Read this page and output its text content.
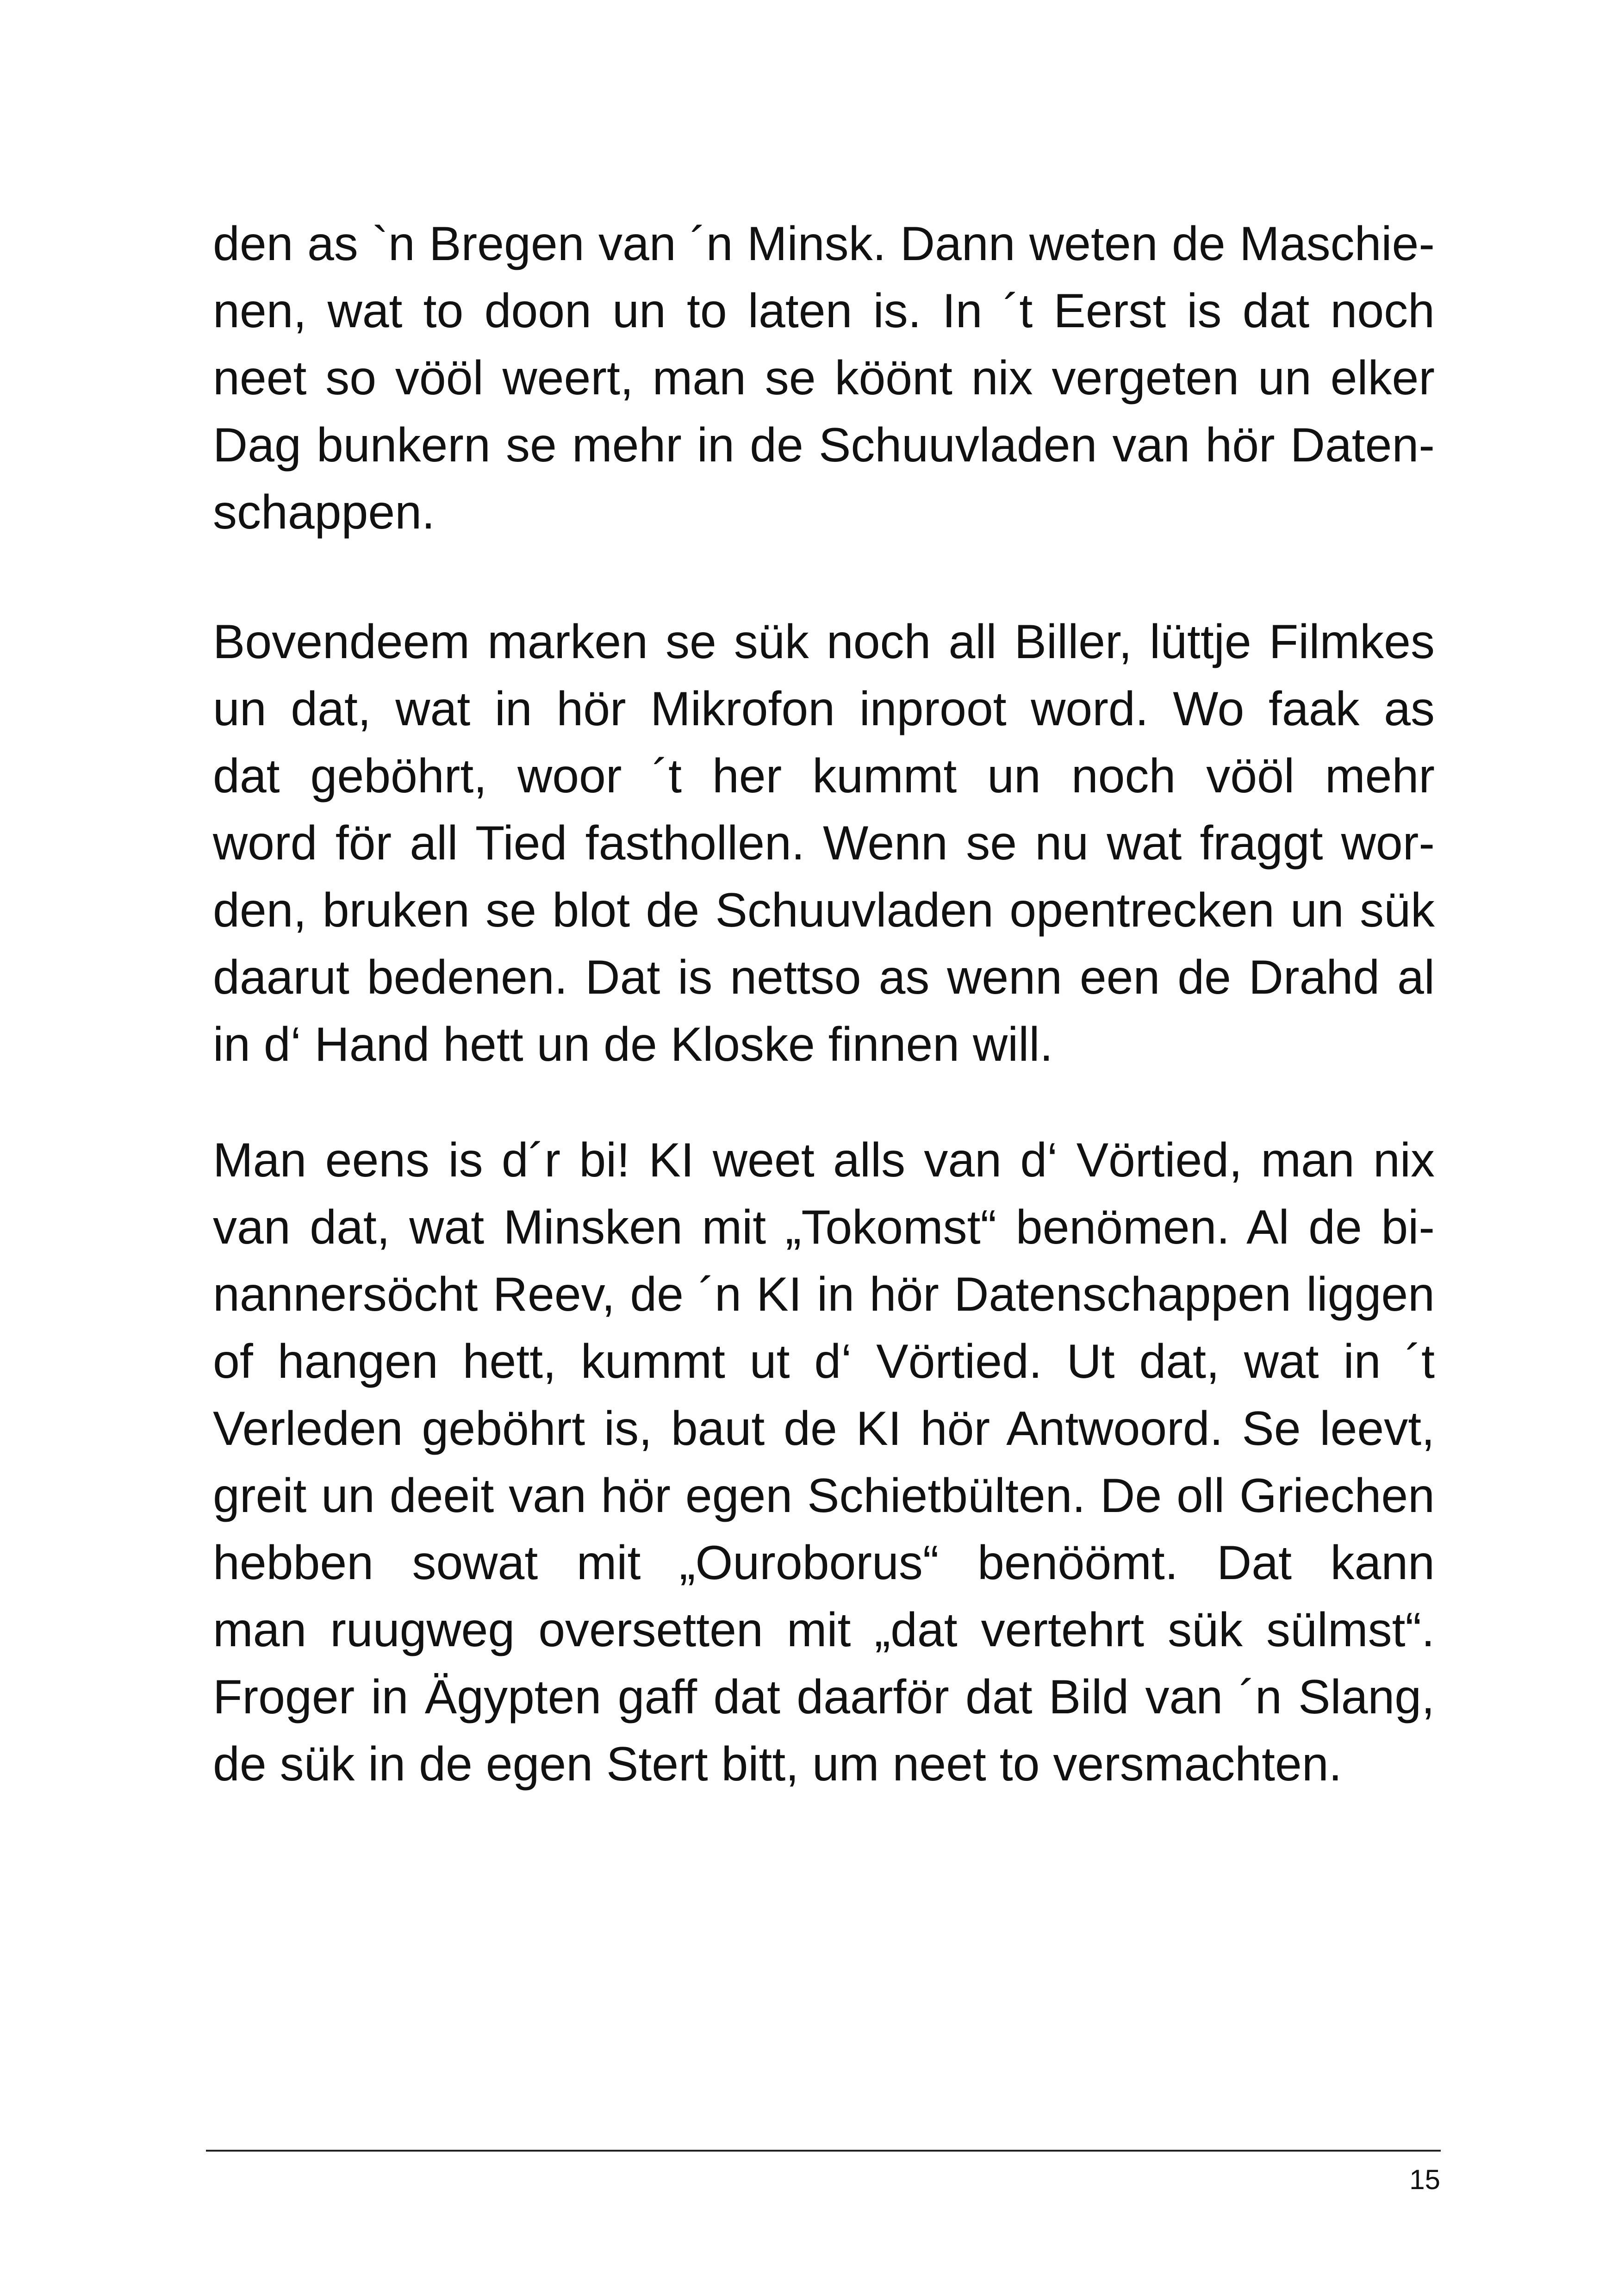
den as `n Bregen van ´n Minsk. Dann weten de Maschie-
nen, wat to doon un to laten is. In ´t Eerst is dat noch
neet so vööl weert, man se köönt nix vergeten un elker
Dag bunkern se mehr in de Schuuvladen van hör Daten-
schappen.
Bovendeem marken se sük noch all Biller, lüttje Filmkes
un dat, wat in hör Mikrofon inproot word. Wo faak as
dat geböhrt, woor ´t her kummt un noch vööl mehr
word för all Tied fasthollen. Wenn se nu wat fraggt wor-
den, bruken se blot de Schuuvladen opentrecken un sük
daarut bedenen. Dat is nettso as wenn een de Drahd al
in d‘ Hand hett un de Kloske finnen will.
Man eens is d´r bi! KI weet alls van d‘ Vörtied, man nix
van dat, wat Minsken mit „Tokomst“ benömen. Al de bi-
nannersöcht Reev, de ´n KI in hör Datenschappen liggen
of hangen hett, kummt ut d‘ Vörtied. Ut dat, wat in ´t
Verleden geböhrt is, baut de KI hör Antwoord. Se leevt,
greit un deeit van hör egen Schietbülten. De oll Griechen
hebben sowat mit „Ouroborus“ benöömt. Dat kann
man ruugweg oversetten mit „dat vertehrt sük sülmst“.
Froger in Ägypten gaff dat daarför dat Bild van ´n Slang,
de sük in de egen Stert bitt, um neet to versmachten.
15
